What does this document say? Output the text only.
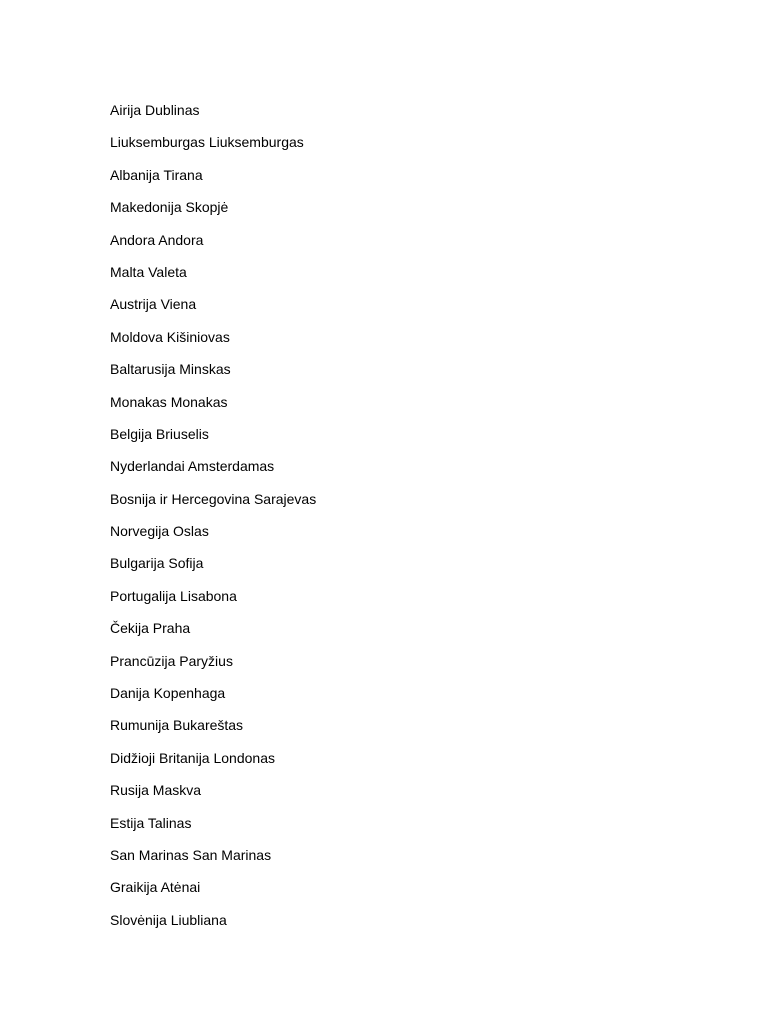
Airija Dublinas
Liuksemburgas Liuksemburgas
Albanija Tirana
Makedonija Skopjė
Andora Andora
Malta Valeta
Austrija Viena
Moldova Kišiniovas
Baltarusija Minskas
Monakas Monakas
Belgija Briuselis
Nyderlandai Amsterdamas
Bosnija ir Hercegovina Sarajevas
Norvegija Oslas
Bulgarija Sofija
Portugalija Lisabona
Čekija Praha
Prancūzija Paryžius
Danija Kopenhaga
Rumunija Bukareštas
Didžioji Britanija Londonas
Rusija Maskva
Estija Talinas
San Marinas San Marinas
Graikija Atėnai
Slovėnija Liubliana
